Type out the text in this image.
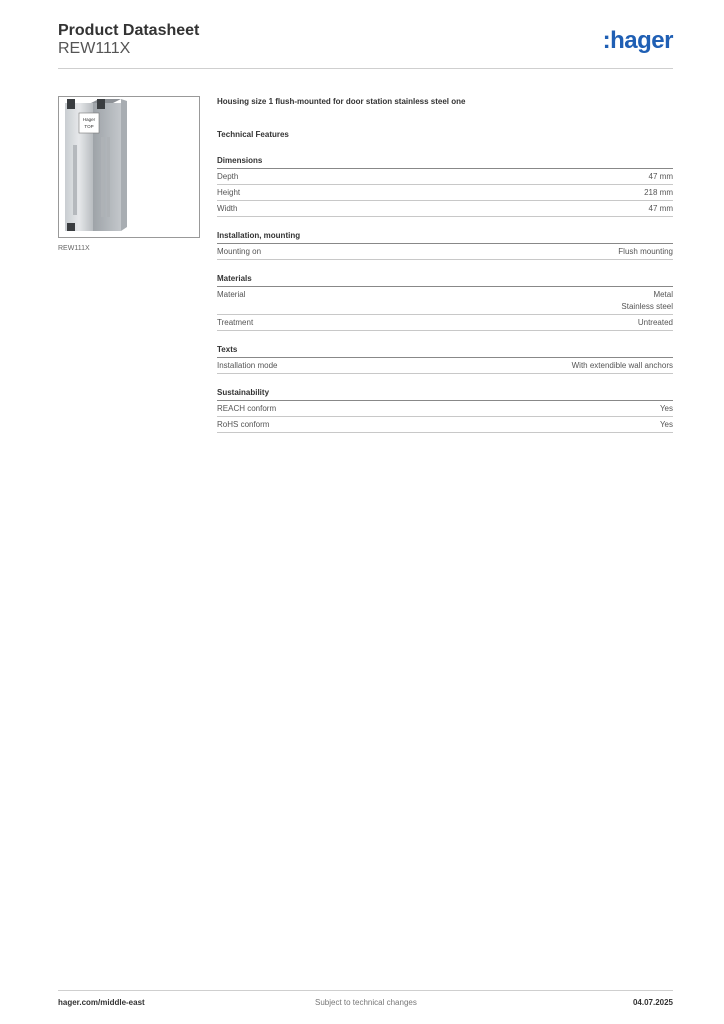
Product Datasheet
REW111X	:hager
Hager
TOP
REW111X
Housing size 1 flush-mounted for door station stainless steel one
Technical Features
Dimensions
Depth	47 mm
Height	218 mm
Width	47 mm
Installation, mounting
Mounting on	Flush mounting
Materials
Material	Metal
Stainless steel
Treatment	Untreated
Texts
Installation mode	With extendible wall anchors
Sustainability
REACH conform	Yes
RoHS conform	Yes
hager.com/middle-east	Subject to technical changes	04.07.2025
